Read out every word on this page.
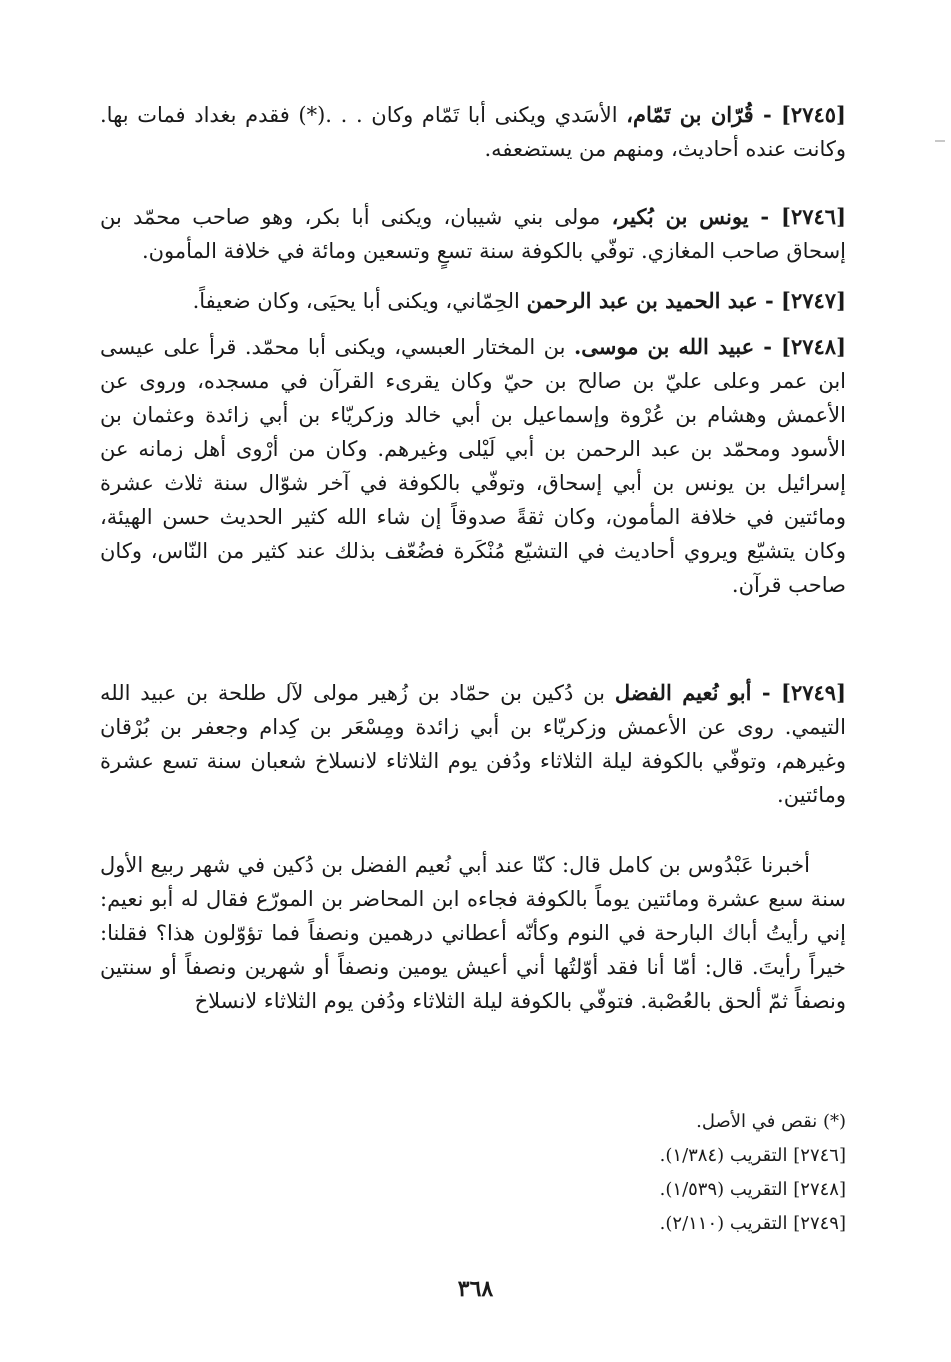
[٢٧٤٥] - قُرّان بن تَمّام، الأسَدي ويكنى أبا تَمّام وكان . . .(*) فقدم بغداد فمات بها. وكانت عنده أحاديث، ومنهم من يستضعفه.

[٢٧٤٦] - يونس بن بُكير، مولى بني شيبان، ويكنى أبا بكر، وهو صاحب محمّد بن إسحاق صاحب المغازي. توفّي بالكوفة سنة تسعٍ وتسعين ومائة في خلافة المأمون.

[٢٧٤٧] - عبد الحميد بن عبد الرحمن الحِمّاني، ويكنى أبا يحيَى، وكان ضعيفاً.

[٢٧٤٨] - عبيد الله بن موسى. بن المختار العبسي، ويكنى أبا محمّد. قرأ على عيسى ابن عمر وعلى عليّ بن صالح بن حيّ وكان يقرىء القرآن في مسجده، وروى عن الأعمش وهشام بن عُرْوة وإسماعيل بن أبي خالد وزكريّاء بن أبي زائدة وعثمان بن الأسود ومحمّد بن عبد الرحمن بن أبي لَيْلى وغيرهم. وكان من أرْوى أهل زمانه عن إسرائيل بن يونس بن أبي إسحاق، وتوفّي بالكوفة في آخر شوّال سنة ثلاث عشرة ومائتين في خلافة المأمون، وكان ثقةً صدوقاً إن شاء الله كثير الحديث حسن الهيئة، وكان يتشيّع ويروي أحاديث في التشيّع مُنْكَرة فضُعّف بذلك عند كثير من النّاس، وكان صاحب قرآن.

[٢٧٤٩] - أبو نُعيم الفضل بن دُكين بن حمّاد بن زُهير مولى لآل طلحة بن عبيد الله التيمي. روى عن الأعمش وزكريّاء بن أبي زائدة ومِسْعَر بن كِدام وجعفر بن بُرْقان وغيرهم، وتوفّي بالكوفة ليلة الثلاثاء ودُفن يوم الثلاثاء لانسلاخ شعبان سنة تسع عشرة ومائتين.

أخبرنا عَبْدُوس بن كامل قال: كنّا عند أبي نُعيم الفضل بن دُكين في شهر ربيع الأول سنة سبع عشرة ومائتين يوماً بالكوفة فجاءه ابن المحاضر بن المورّع فقال له أبو نعيم: إني رأيتُ أباك البارحة في النوم وكأنّه أعطاني درهمين ونصفاً فما تؤوّلون هذا؟ فقلنا: خيراً رأيتَ. قال: أمّا أنا فقد أوّلتُها أني أعيش يومين ونصفاً أو شهرين ونصفاً أو سنتين ونصفاً ثمّ ألحق بالعُصْبة. فتوفّي بالكوفة ليلة الثلاثاء ودُفن يوم الثلاثاء لانسلاخ

(*) نقص في الأصل.
[٢٧٤٦] التقريب (١/٣٨٤).
[٢٧٤٨] التقريب (١/٥٣٩).
[٢٧٤٩] التقريب (٢/١١٠).
٣٦٨
